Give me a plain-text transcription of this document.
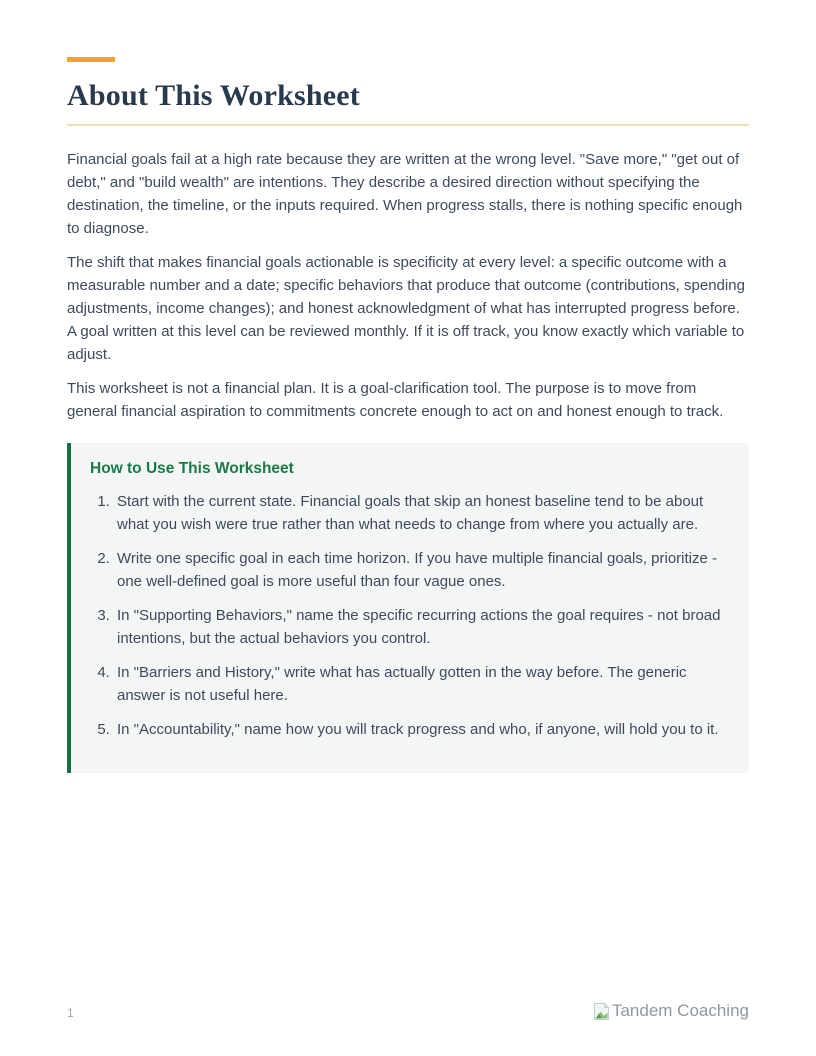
About This Worksheet

Financial goals fail at a high rate because they are written at the wrong level. "Save more," "get out of debt," and "build wealth" are intentions. They describe a desired direction without specifying the destination, the timeline, or the inputs required. When progress stalls, there is nothing specific enough to diagnose.

The shift that makes financial goals actionable is specificity at every level: a specific outcome with a measurable number and a date; specific behaviors that produce that outcome (contributions, spending adjustments, income changes); and honest acknowledgment of what has interrupted progress before. A goal written at this level can be reviewed monthly. If it is off track, you know exactly which variable to adjust.

This worksheet is not a financial plan. It is a goal-clarification tool. The purpose is to move from general financial aspiration to commitments concrete enough to act on and honest enough to track.

How to Use This Worksheet
1. Start with the current state. Financial goals that skip an honest baseline tend to be about what you wish were true rather than what needs to change from where you actually are.
2. Write one specific goal in each time horizon. If you have multiple financial goals, prioritize - one well-defined goal is more useful than four vague ones.
3. In "Supporting Behaviors," name the specific recurring actions the goal requires - not broad intentions, but the actual behaviors you control.
4. In "Barriers and History," write what has actually gotten in the way before. The generic answer is not useful here.
5. In "Accountability," name how you will track progress and who, if anyone, will hold you to it.
1	Tandem Coaching
